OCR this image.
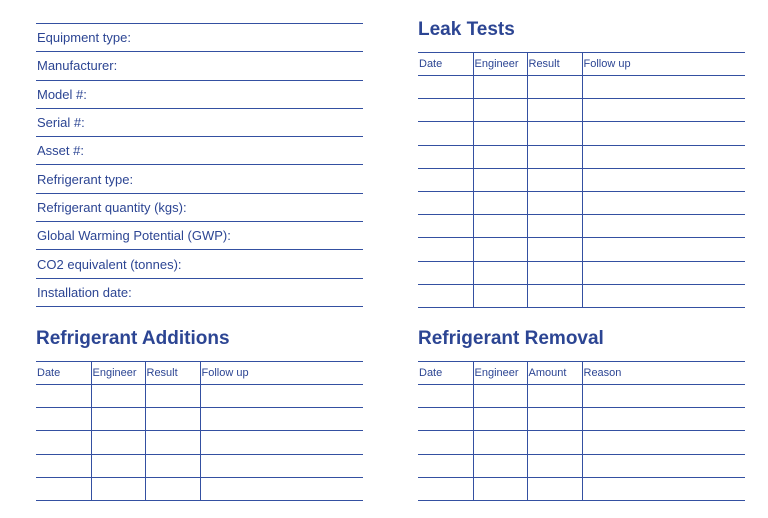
Equipment type:
Manufacturer:
Model #:
Serial #:
Asset #:
Refrigerant type:
Refrigerant quantity (kgs):
Global Warming Potential (GWP):
CO2 equivalent (tonnes):
Installation date:
Leak Tests
Date	Engineer	Result	Follow up

Refrigerant Additions
Date	Engineer	Result	Follow up

Refrigerant Removal
Date	Engineer	Amount	Reason
